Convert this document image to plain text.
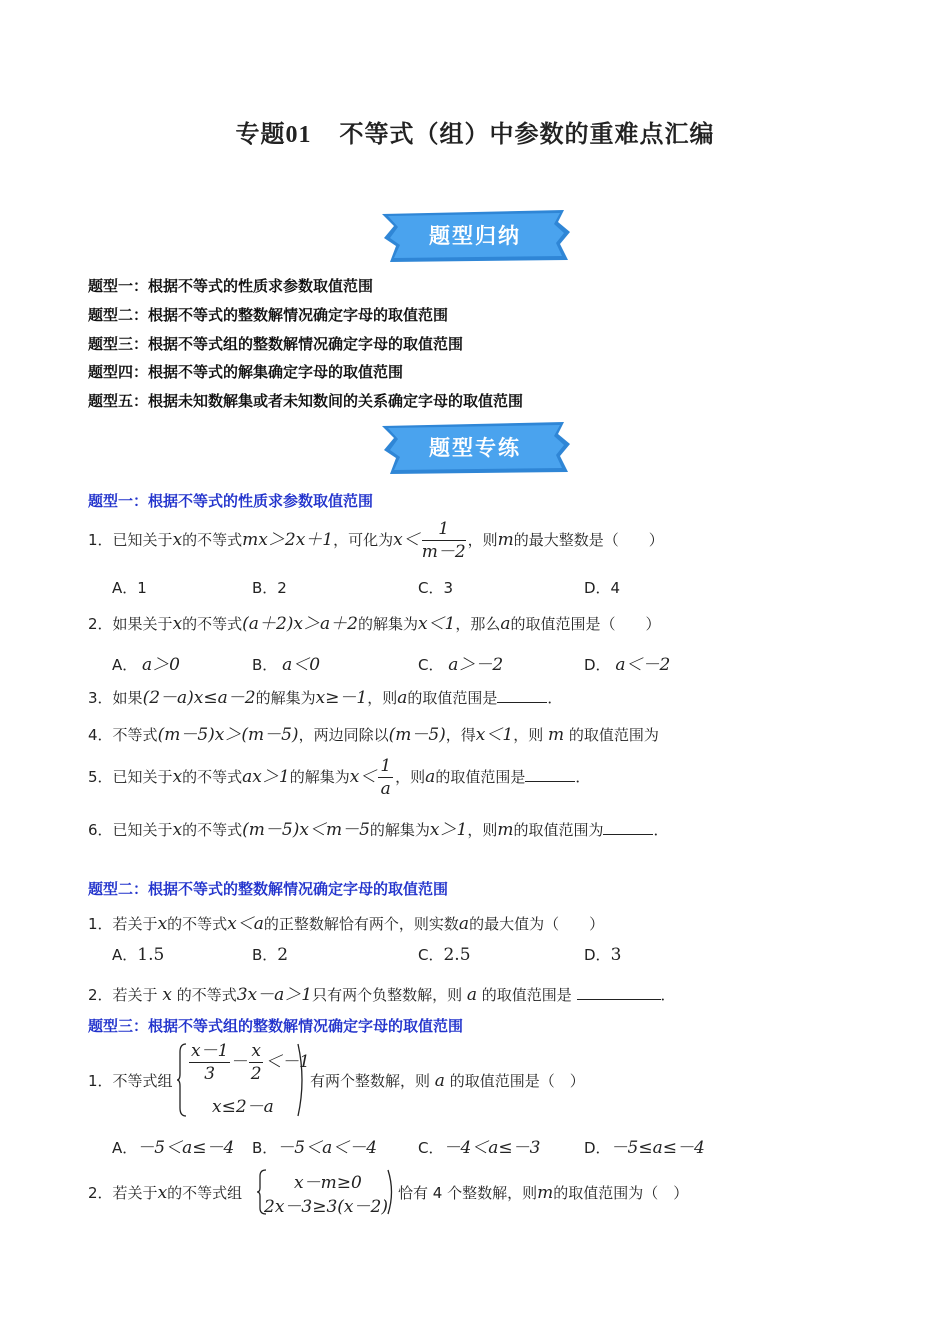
专题01 不等式（组）中参数的重难点汇编
题型归纳
题型一：根据不等式的性质求参数取值范围
题型二：根据不等式的整数解情况确定字母的取值范围
题型三：根据不等式组的整数解情况确定字母的取值范围
题型四：根据不等式的解集确定字母的取值范围
题型五：根据未知数解集或者未知数间的关系确定字母的取值范围
题型专练
题型一：根据不等式的性质求参数取值范围
1．已知关于x的不等式mx＞2x＋1，可化为$x< \frac{1}{m-2}$ ，则m的最大整数是（　　）
A．1	B．2	C．3	D．4
2．如果关于x的不等式(a＋2)x＞a＋2的解集为x＜1，那么a的取值范围是（　　）
A． a＞0	B． a＜0	C． a＞－2	D． a＜－2
3．如果(2－a)x≤a－2的解集为x≥－1，则a的取值范围是	．
4．不等式(m－5)x＞(m－5)，两边同除以(m－5)，得x＜1，则 m 的取值范围为
5．已知关于x的不等式ax＞1的解集为$x< \frac{1}{a}$ ，则a的取值范围是	．
6．已知关于x的不等式(m－5)x＜m－5的解集为x＞1，则m的取值范围为	．
题型二：根据不等式的整数解情况确定字母的取值范围
1．若关于x的不等式x＜a的正整数解恰有两个，则实数a的最大值为（　　）
A．1.5	B．2	C．2.5	D．3
2．若关于 x 的不等式3x－a＞1只有两个负整数解，则 a 的取值范围是	．
题型三：根据不等式组的整数解情况确定字母的取值范围
1．不等式组 $\frac{x-1}{3} - \frac{x}{2} <-1$
x≤2－a
有两个整数解，则 a 的取值范围是（　）
A．－5＜a≤－4 B．－5＜a＜－4	C．－4＜a≤－3	D．－5≤a≤－4
2．若关于x的不等式组	x－m≥0
2x－3≥3(x－2)
恰有 4 个整数解，则m的取值范围为（　）
